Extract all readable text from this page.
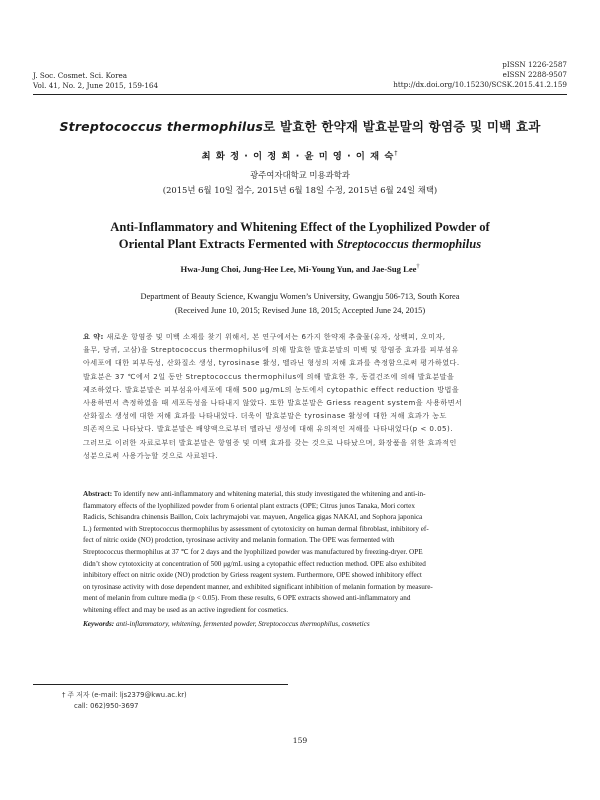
J. Soc. Cosmet. Sci. Korea
Vol. 41, No. 2, June 2015, 159-164
pISSN 1226-2587
eISSN 2288-9507
http://dx.doi.org/10.15230/SCSK.2015.41.2.159
Streptococcus thermophilus로 발효한 한약재 발효분말의 항염증 및 미백 효과
최 화 정 · 이 정 희 · 윤 미 영 · 이 재 숙†
광주여자대학교 미용과학과
(2015년 6월 10일 접수, 2015년 6월 18일 수정, 2015년 6월 24일 채택)
Anti-Inflammatory and Whitening Effect of the Lyophilized Powder of
Oriental Plant Extracts Fermented with Streptococcus thermophilus
Hwa-Jung Choi, Jung-Hee Lee, Mi-Young Yun, and Jae-Sug Lee†
Department of Beauty Science, Kwangju Women’s University, Gwangju 506-713, South Korea
(Received June 10, 2015; Revised June 18, 2015; Accepted June 24, 2015)
요 약: 새로운 항염증 및 미백 소재를 찾기 위해서, 본 연구에서는 6가지 한약재 추출물(유자, 상백피, 오미자,
율무, 당귀, 고삼)을 Streptococcus thermophilus에 의해 발효한 발효분말의 미백 및 항염증 효과를 피부섬유
아세포에 대한 피부독성, 산화질소 생성, tyrosinase 활성, 멜라닌 형성의 저해 효과를 측정함으로써 평가하였다.
발효분은 37 ℃에서 2일 동안 Streptococcus thermophilus에 의해 발효한 후, 동결건조에 의해 발효분말을
제조하였다. 발효분말은 피부섬유아세포에 대해 500 μg/mL의 농도에서 cytopathic effect reduction 방법을
사용하면서 측정하였을 때 세포독성을 나타내지 않았다. 또한 발효분말은 Griess reagent system을 사용하면서
산화질소 생성에 대한 저해 효과를 나타내었다. 더욱이 발효분말은 tyrosinase 활성에 대한 저해 효과가 농도
의존적으로 나타났다. 발효분말은 배양액으로부터 멜라닌 생성에 대해 유의적인 저해를 나타내었다(p < 0.05).
그러므로 이러한 자료로부터 발효분말은 항염증 및 미백 효과를 갖는 것으로 나타났으며, 화장품을 위한 효과적인
성분으로써 사용가능할 것으로 사료된다.
Abstract: To identify new anti-inflammatory and whitening material, this study investigated the whitening and anti-in-
flammatory effects of the lyophilized powder from 6 oriental plant extracts (OPE; Citrus junos Tanaka, Mori cortex
Radicis, Schisandra chinensis Baillon, Coix lachrymajobi var. mayuen, Angelica gigas NAKAI, and Sophora japonica
L.) fermented with Streptococcus thermophilus by assessment of cytotoxicity on human dermal fibroblast, inhibitory ef-
fect of nitric oxide (NO) prodction, tyrosinase activity and melanin formation. The OPE was fermented with
Streptococcus thermophilus at 37 ℃ for 2 days and the lyophilized powder was manufactured by freezing-dryer. OPE
didn’t show cytotoxicity at concentration of 500 μg/mL using a cytopathic effect reduction method. OPE also exhibited
inhibitory effect on nitric oxide (NO) prodction by Griess reagent system. Furthermore, OPE showed inhibitory effect
on tyrosinase activity with dose dependent manner, and exhibited significant inhibition of melanin formation by measure-
ment of melanin from culture media (p < 0.05). From these results, 6 OPE extracts showed anti-inflammatory and
whitening effect and may be used as an active ingredient for cosmetics.
Keywords: anti-inflammatory, whitening, fermented powder, Streptococcus thermophilus, cosmetics
† 주 저자 (e-mail: ljs2379@kwu.ac.kr)
call: 062)950-3697
159
